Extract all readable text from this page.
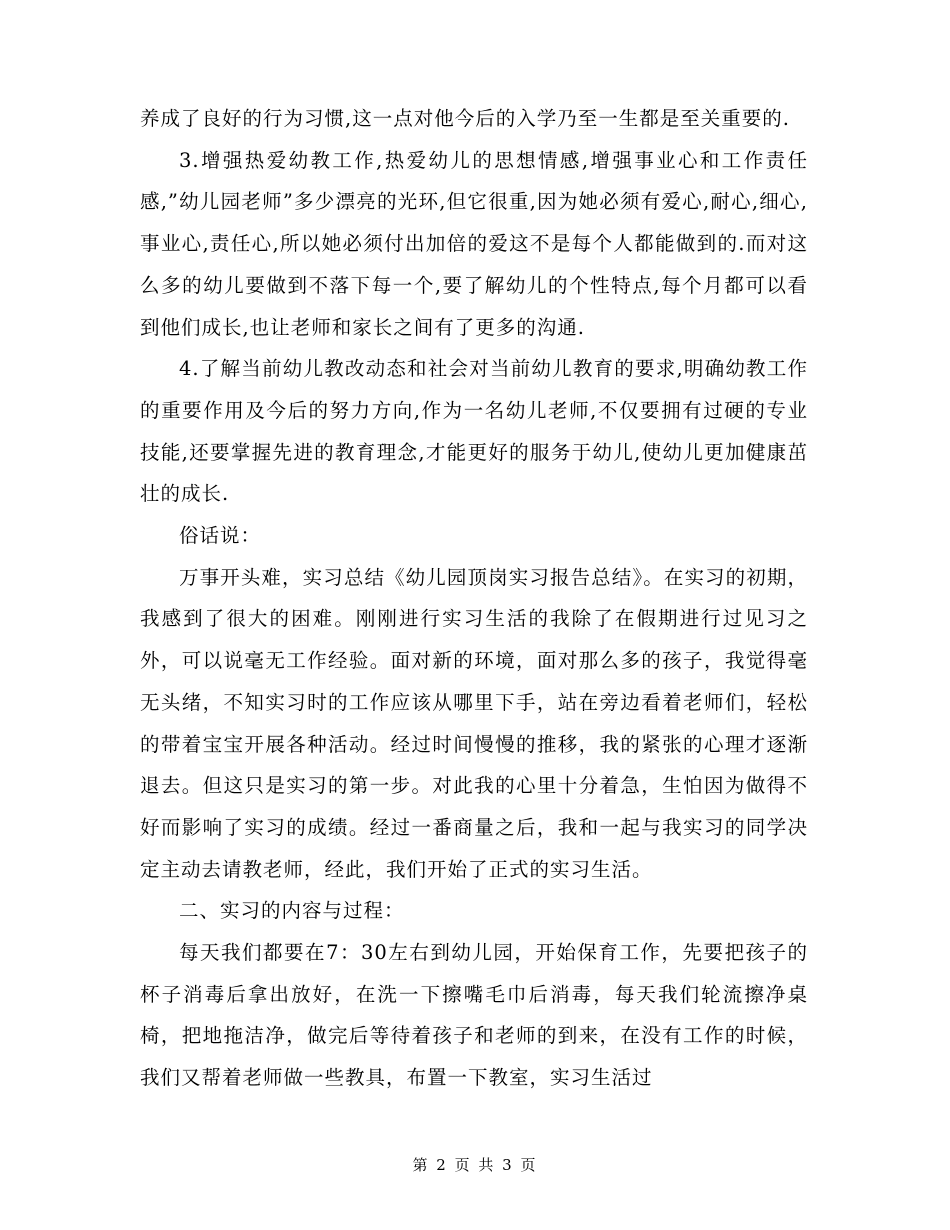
养成了良好的行为习惯,这一点对他今后的入学乃至一生都是至关重要的.

3.增强热爱幼教工作,热爱幼儿的思想情感,增强事业心和工作责任感,”幼儿园老师”多少漂亮的光环,但它很重,因为她必须有爱心,耐心,细心,事业心,责任心,所以她必须付出加倍的爱这不是每个人都能做到的.而对这么多的幼儿要做到不落下每一个,要了解幼儿的个性特点,每个月都可以看到他们成长,也让老师和家长之间有了更多的沟通.

4.了解当前幼儿教改动态和社会对当前幼儿教育的要求,明确幼教工作的重要作用及今后的努力方向,作为一名幼儿老师,不仅要拥有过硬的专业技能,还要掌握先进的教育理念,才能更好的服务于幼儿,使幼儿更加健康茁壮的成长.

俗话说：

万事开头难，实习总结《幼儿园顶岗实习报告总结》。在实习的初期，我感到了很大的困难。刚刚进行实习生活的我除了在假期进行过见习之外，可以说毫无工作经验。面对新的环境，面对那么多的孩子，我觉得毫无头绪，不知实习时的工作应该从哪里下手，站在旁边看着老师们，轻松的带着宝宝开展各种活动。经过时间慢慢的推移，我的紧张的心理才逐渐退去。但这只是实习的第一步。对此我的心里十分着急，生怕因为做得不好而影响了实习的成绩。经过一番商量之后，我和一起与我实习的同学决定主动去请教老师，经此，我们开始了正式的实习生活。

二、实习的内容与过程：

每天我们都要在7：30左右到幼儿园，开始保育工作，先要把孩子的杯子消毒后拿出放好，在洗一下擦嘴毛巾后消毒，每天我们轮流擦净桌椅，把地拖洁净，做完后等待着孩子和老师的到来，在没有工作的时候，我们又帮着老师做一些教具，布置一下教室，实习生活过

第 2 页 共 3 页
